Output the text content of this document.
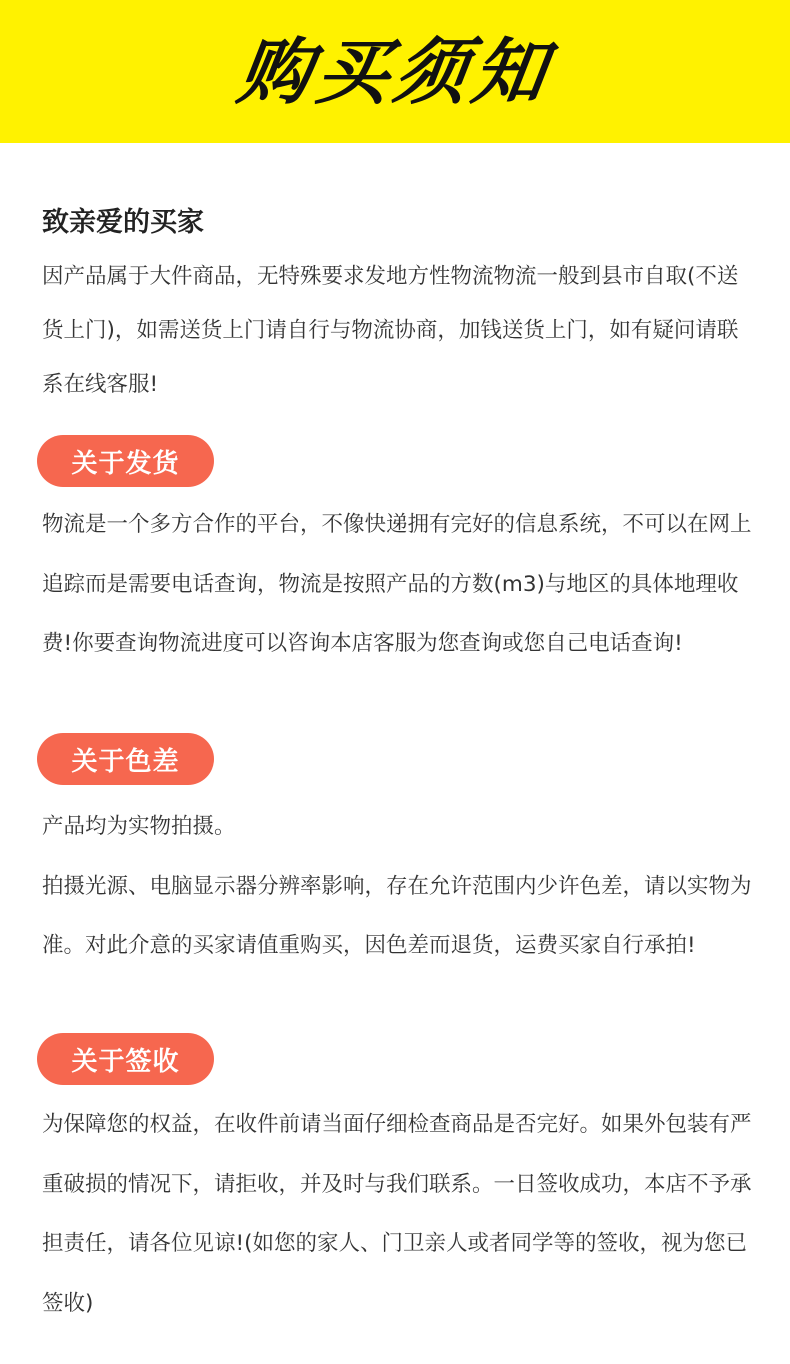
购买须知
致亲爱的买家

因产品属于大件商品，无特殊要求发地方性物流物流一般到县市自取(不送货上门)，如需送货上门请自行与物流协商，加钱送货上门，如有疑问请联系在线客服!

关于发货

物流是一个多方合作的平台，不像快递拥有完好的信息系统，不可以在网上追踪而是需要电话查询，物流是按照产品的方数(m3)与地区的具体地理收费!你要查询物流进度可以咨询本店客服为您查询或您自己电话查询!

关于色差
产品均为实物拍摄。
拍摄光源、电脑显示器分辨率影响，存在允许范围内少许色差，请以实物为准。对此介意的买家请值重购买，因色差而退货，运费买家自行承拍!
关于签收

为保障您的权益，在收件前请当面仔细检查商品是否完好。如果外包装有严重破损的情况下，请拒收，并及时与我们联系。一日签收成功，本店不予承担责任，请各位见谅!(如您的家人、门卫亲人或者同学等的签收，视为您已签收)
